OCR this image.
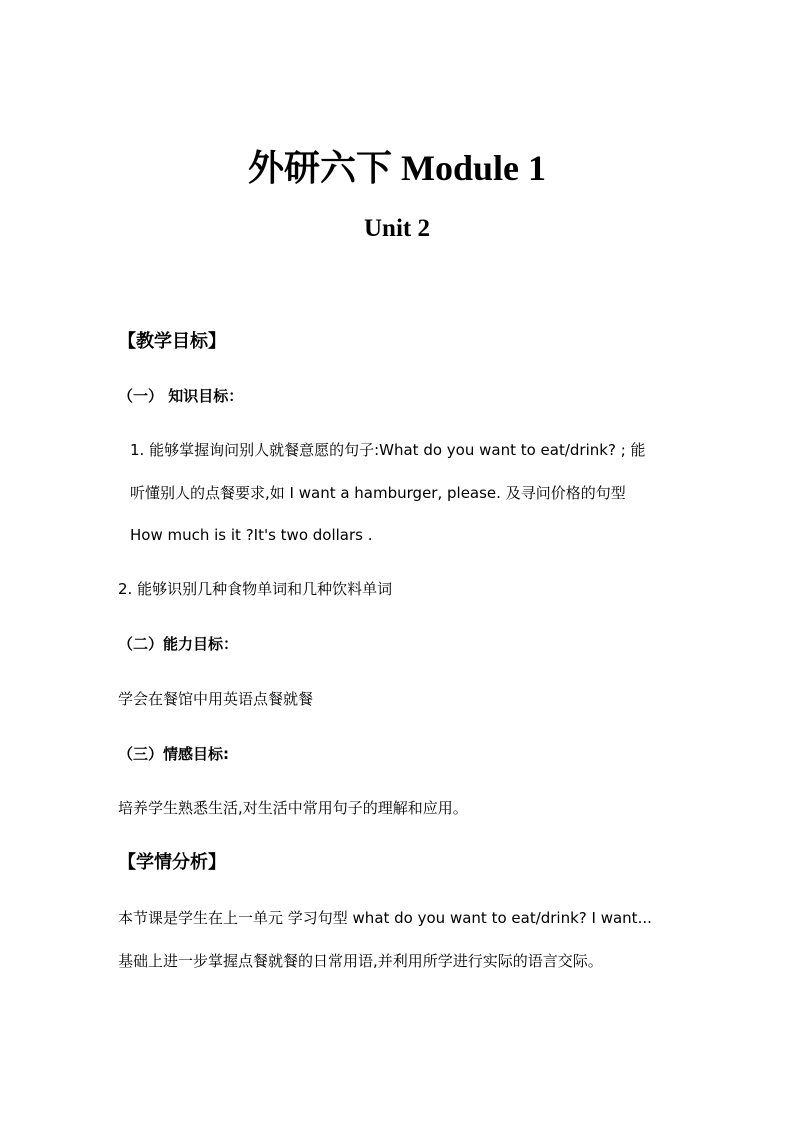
外研六下 Module 1
Unit 2
【教学目标】
（一） 知识目标：
1. 能够掌握询问别人就餐意愿的句子:What do you want to eat/drink? ; 能
听懂别人的点餐要求,如 I want a hamburger, please. 及寻问价格的句型
How much is it ?It's two dollars .
2. 能够识别几种食物单词和几种饮料单词
（二）能力目标：
学会在餐馆中用英语点餐就餐
（三）情感目标:
培养学生熟悉生活,对生活中常用句子的理解和应用。
【学情分析】
本节课是学生在上一单元 学习句型 what do you want to eat/drink? I want...
基础上进一步掌握点餐就餐的日常用语,并利用所学进行实际的语言交际。
